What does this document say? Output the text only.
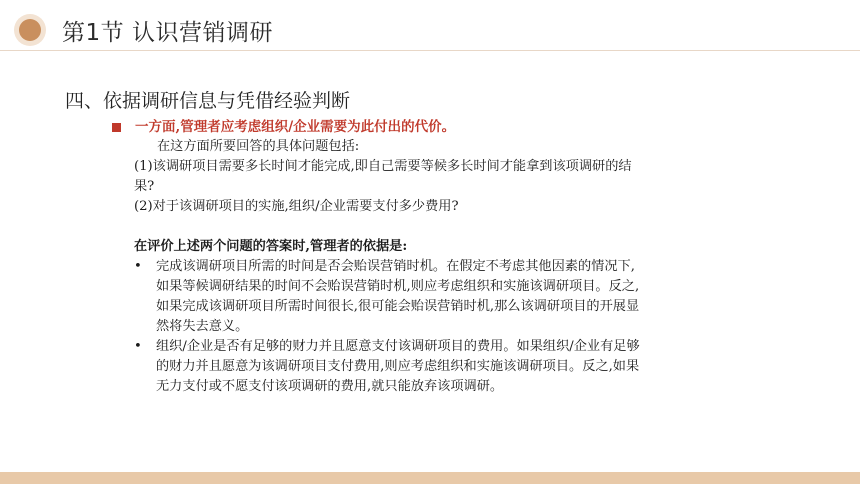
第1节 认识营销调研
四、依据调研信息与凭借经验判断
一方面,管理者应考虑组织/企业需要为此付出的代价。
在这方面所要回答的具体问题包括:
(1)该调研项目需要多长时间才能完成,即自己需要等候多长时间才能拿到该项调研的结
果?
(2)对于该调研项目的实施,组织/企业需要支付多少费用?
在评价上述两个问题的答案时,管理者的依据是:
• 完成该调研项目所需的时间是否会贻误营销时机。在假定不考虑其他因素的情况下,
如果等候调研结果的时间不会贻误营销时机,则应考虑组织和实施该调研项目。反之,
如果完成该调研项目所需时间很长,很可能会贻误营销时机,那么该调研项目的开展显
然将失去意义。
• 组织/企业是否有足够的财力并且愿意支付该调研项目的费用。如果组织/企业有足够
的财力并且愿意为该调研项目支付费用,则应考虑组织和实施该调研项目。反之,如果
无力支付或不愿支付该项调研的费用,就只能放弃该项调研。
